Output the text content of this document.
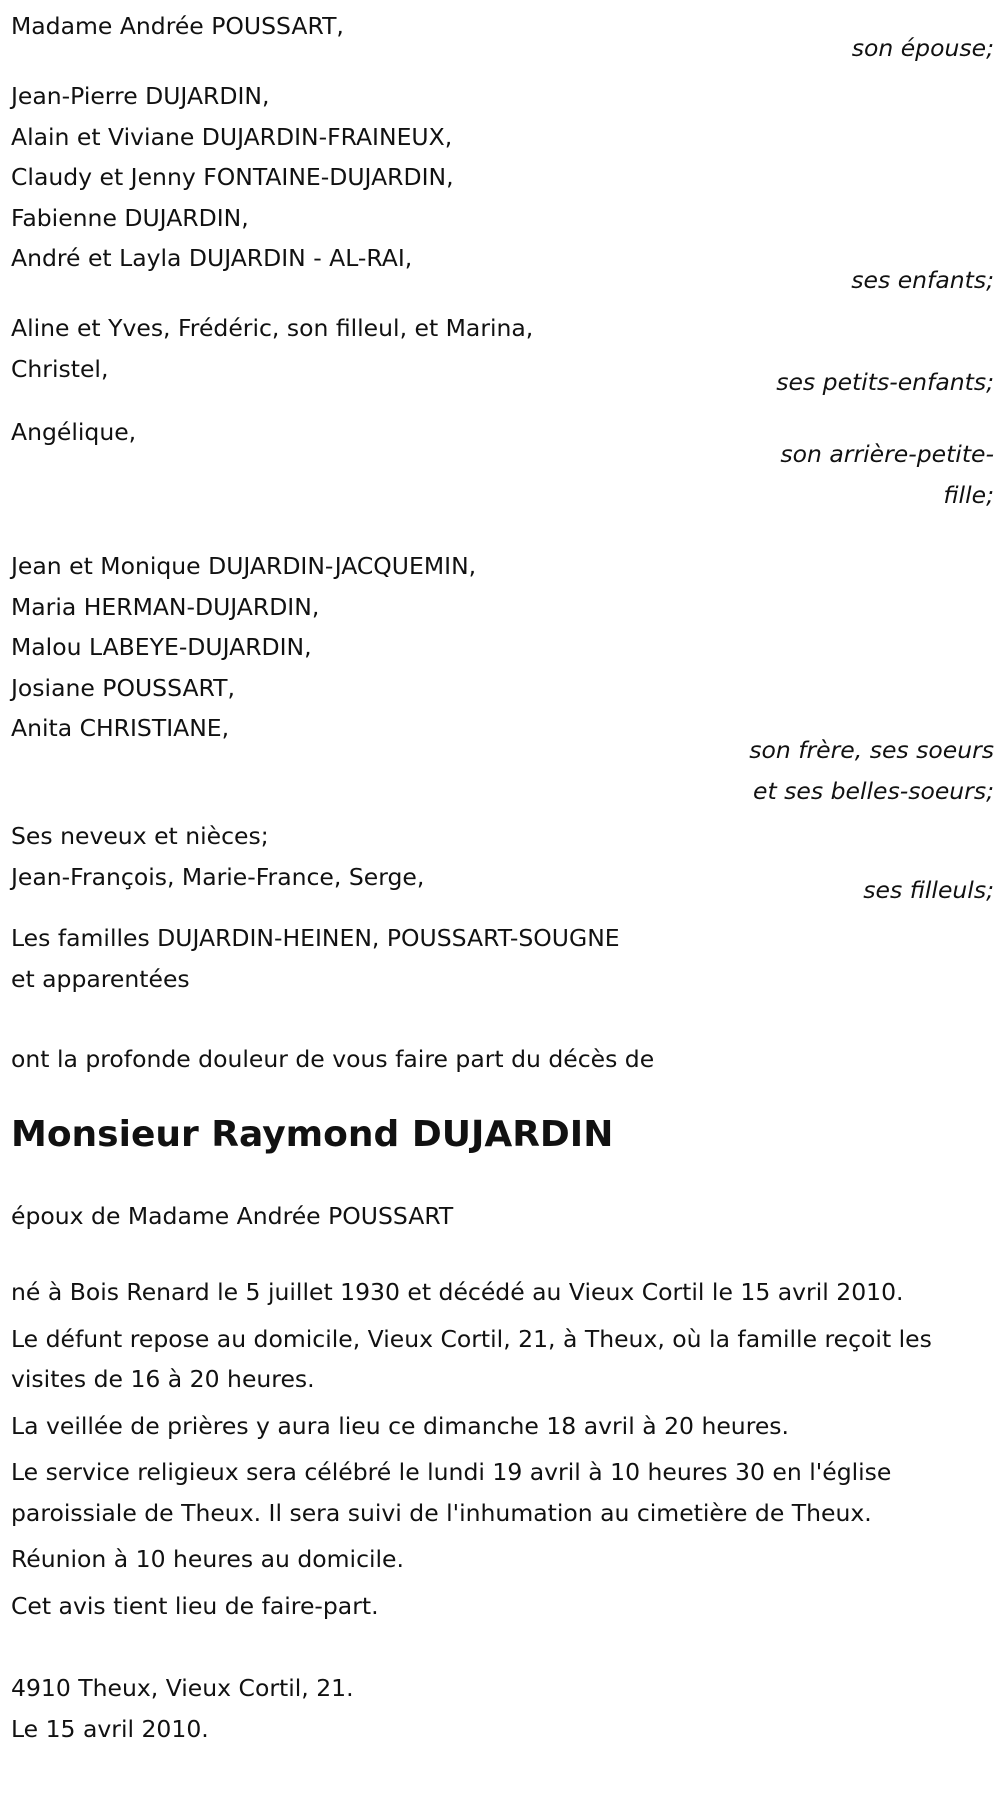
Madame Andrée POUSSART,
son épouse;
Jean-Pierre DUJARDIN,
Alain et Viviane DUJARDIN-FRAINEUX,
Claudy et Jenny FONTAINE-DUJARDIN,
Fabienne DUJARDIN,
André et Layla DUJARDIN - AL-RAI,
ses enfants;
Aline et Yves, Frédéric, son filleul, et Marina,
Christel,	ses petits-enfants;
Angélique,
son arrière-petite-fille;
Jean et Monique DUJARDIN-JACQUEMIN,
Maria HERMAN-DUJARDIN,
Malou LABEYE-DUJARDIN,
Josiane POUSSART,
Anita CHRISTIANE,
son frère, ses soeurs et ses belles-soeurs;
Ses neveux et nièces;
Jean-François, Marie-France, Serge,	ses filleuls;
Les familles DUJARDIN-HEINEN, POUSSART-SOUGNE
et apparentées

ont la profonde douleur de vous faire part du décès de

Monsieur Raymond DUJARDIN

époux de Madame Andrée POUSSART

né à Bois Renard le 5 juillet 1930 et décédé au Vieux Cortil le 15 avril 2010.

Le défunt repose au domicile, Vieux Cortil, 21, à Theux, où la famille reçoit les visites de 16 à 20 heures.

La veillée de prières y aura lieu ce dimanche 18 avril à 20 heures.

Le service religieux sera célébré le lundi 19 avril à 10 heures 30 en l'église paroissiale de Theux. Il sera suivi de l'inhumation au cimetière de Theux.

Réunion à 10 heures au domicile.

Cet avis tient lieu de faire-part.

4910 Theux, Vieux Cortil, 21.
Le 15 avril 2010.
